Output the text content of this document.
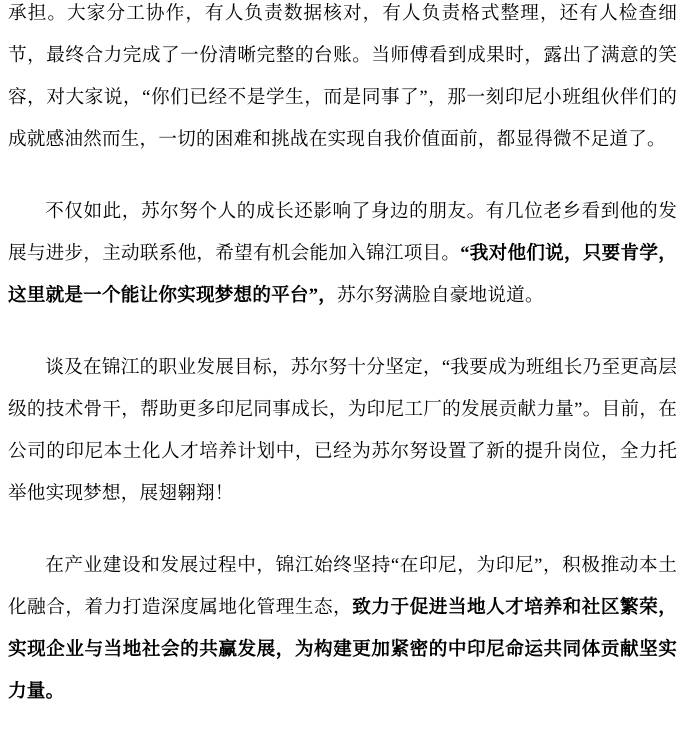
承担。大家分工协作，有人负责数据核对，有人负责格式整理，还有人检查细节，最终合力完成了一份清晰完整的台账。当师傅看到成果时，露出了满意的笑容，对大家说，“你们已经不是学生，而是同事了”，那一刻印尼小班组伙伴们的成就感油然而生，一切的困难和挑战在实现自我价值面前，都显得微不足道了。

不仅如此，苏尔努个人的成长还影响了身边的朋友。有几位老乡看到他的发展与进步，主动联系他，希望有机会能加入锦江项目。“我对他们说，只要肯学，这里就是一个能让你实现梦想的平台”，苏尔努满脸自豪地说道。

谈及在锦江的职业发展目标，苏尔努十分坚定，“我要成为班组长乃至更高层级的技术骨干，帮助更多印尼同事成长，为印尼工厂的发展贡献力量”。目前，在公司的印尼本土化人才培养计划中，已经为苏尔努设置了新的提升岗位，全力托举他实现梦想，展翅翱翔！

在产业建设和发展过程中，锦江始终坚持“在印尼，为印尼”，积极推动本土化融合，着力打造深度属地化管理生态，致力于促进当地人才培养和社区繁荣，实现企业与当地社会的共赢发展，为构建更加紧密的中印尼命运共同体贡献坚实力量。
